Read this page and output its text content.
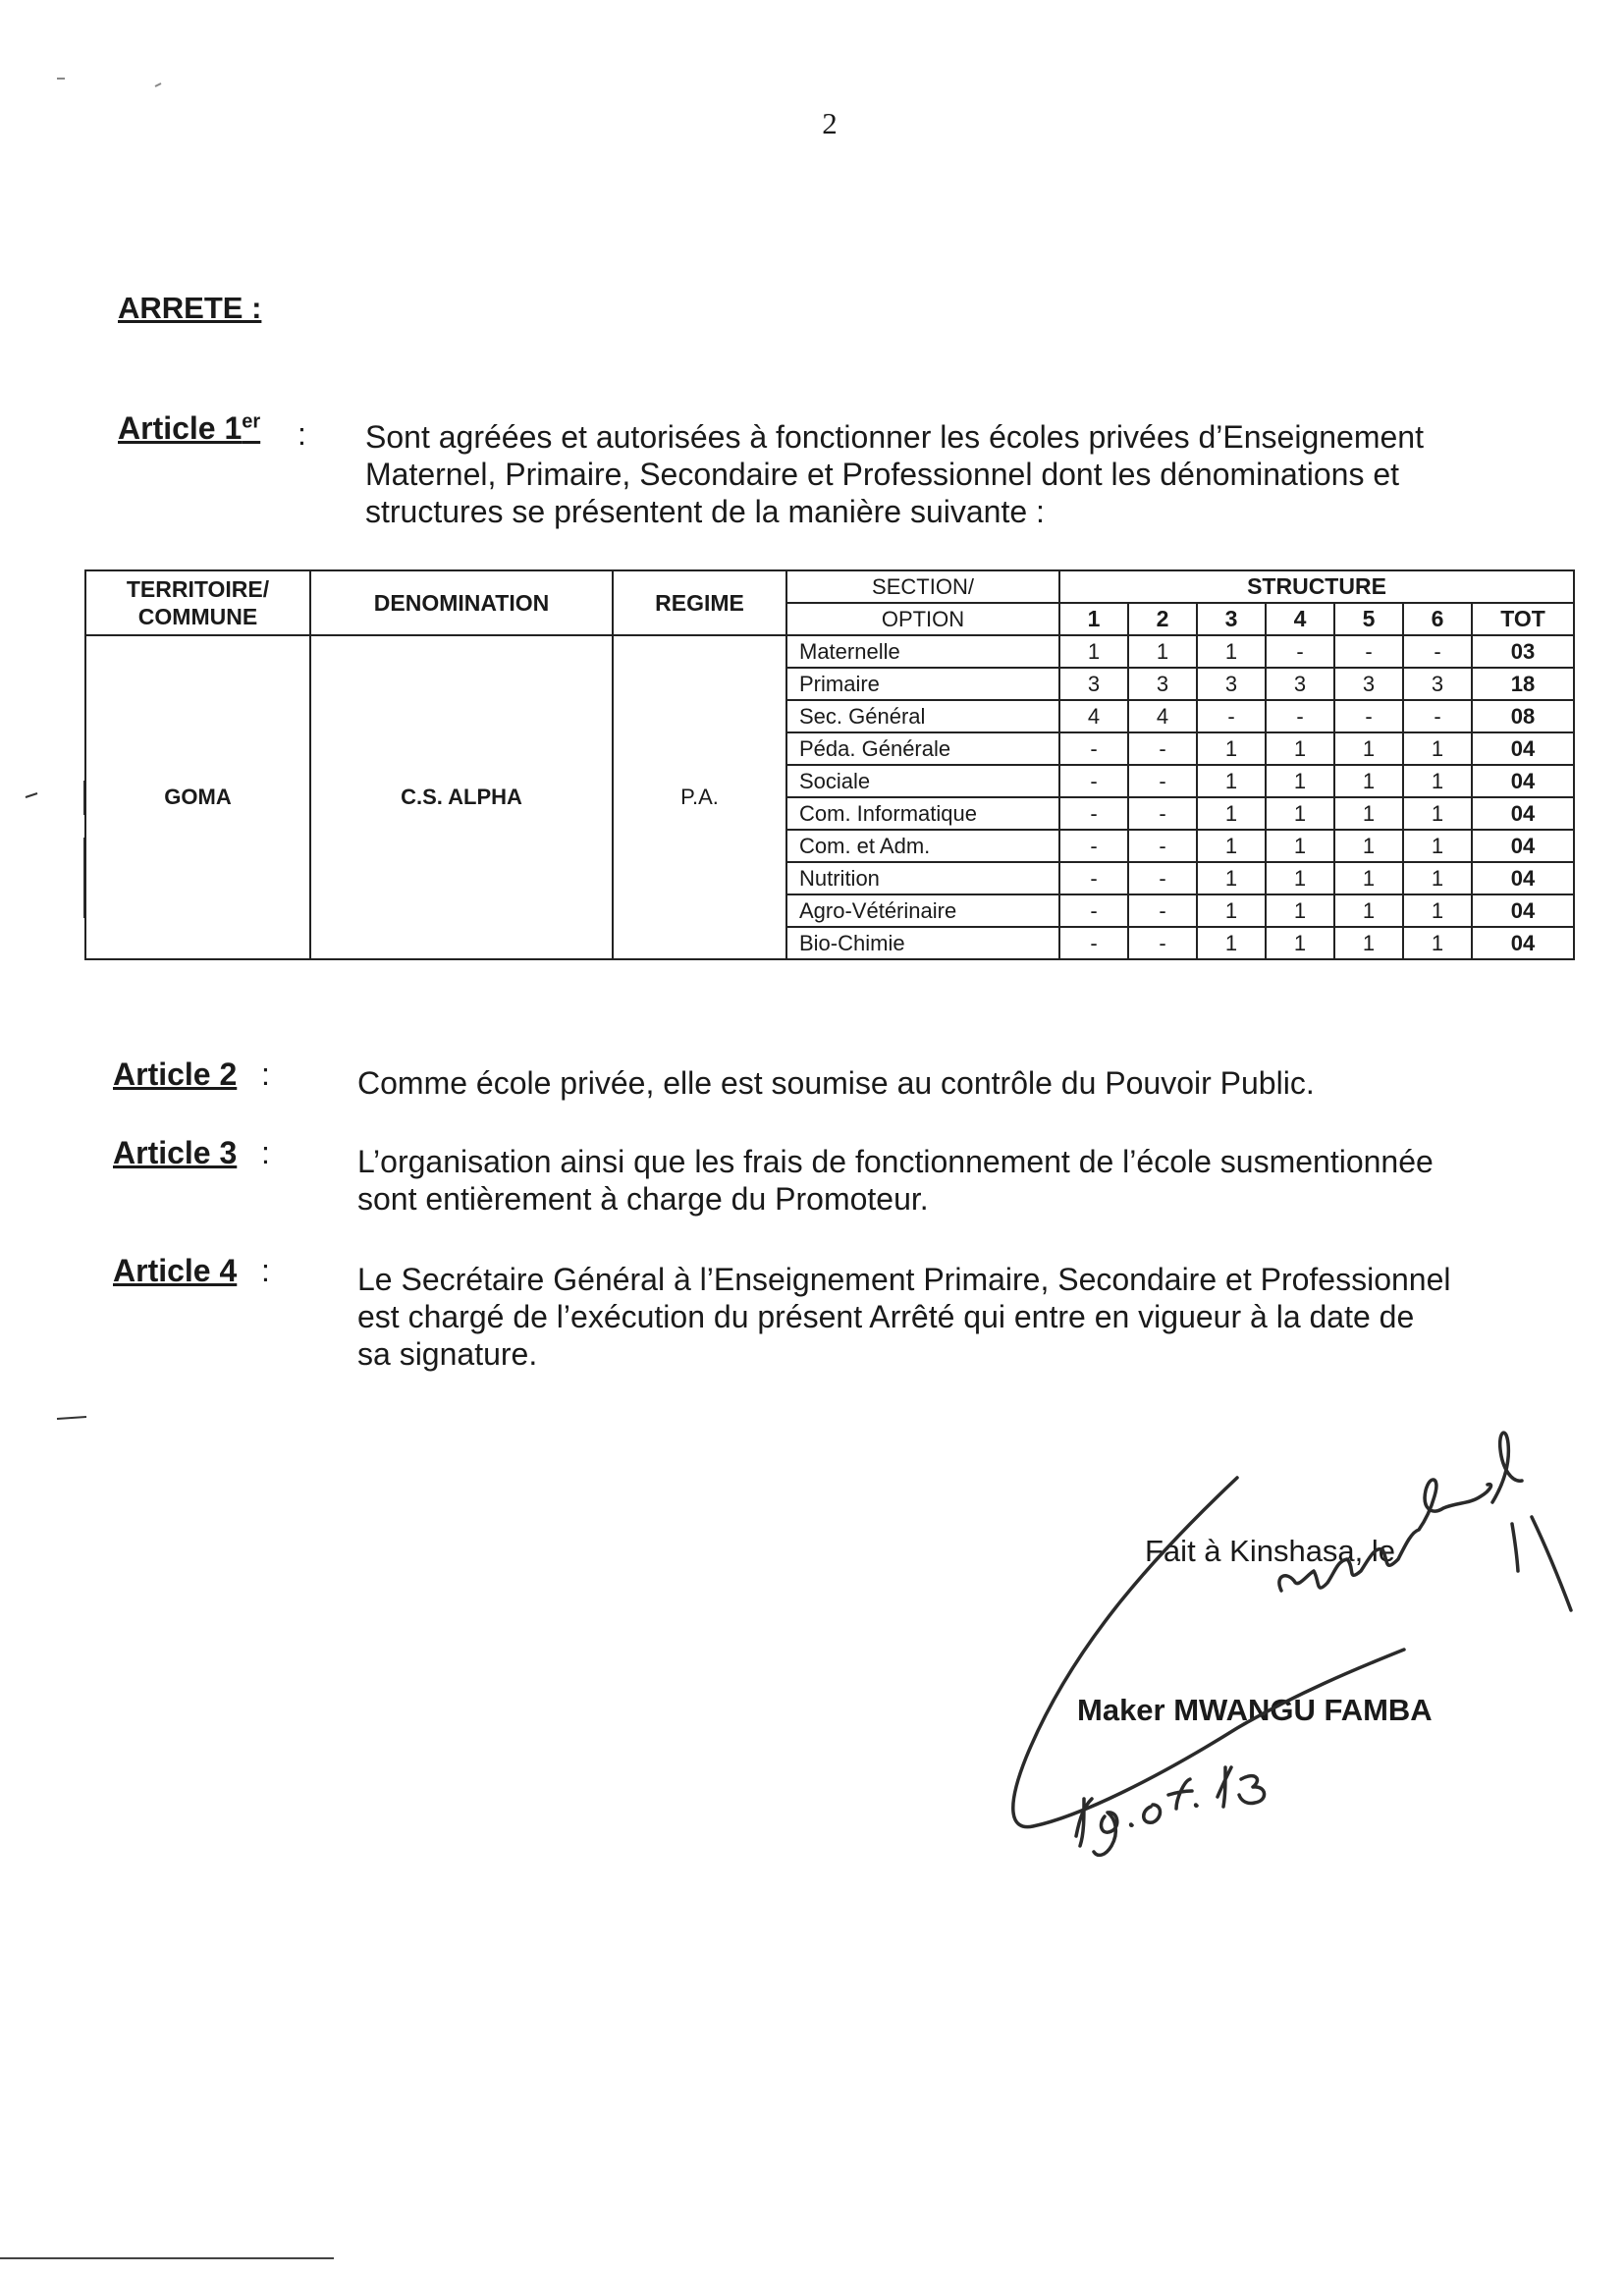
2
ARRETE :
Article 1er : Sont agréées et autorisées à fonctionner les écoles privées d’Enseignement
Maternel, Primaire, Secondaire et Professionnel dont les dénominations et
structures se présentent de la manière suivante :
TERRITOIRE/
COMMUNE	DENOMINATION	REGIME	SECTION/	STRUCTURE						
			OPTION	1	2	3	4	5	6	TOT
GOMA	C.S. ALPHA	P.A.	Maternelle	1	1	1	-	-	-	03
			Primaire	3	3	3	3	3	3	18
			Sec. Général	4	4	-	-	-	-	08
			Péda. Générale	-	-	1	1	1	1	04
			Sociale	-	-	1	1	1	1	04
			Com. Informatique	-	-	1	1	1	1	04
			Com. et Adm.	-	-	1	1	1	1	04
			Nutrition	-	-	1	1	1	1	04
			Agro-Vétérinaire	-	-	1	1	1	1	04
			Bio-Chimie	-	-	1	1	1	1	04
Article 2 :	Comme école privée, elle est soumise au contrôle du Pouvoir Public.
Article 3 :	L’organisation ainsi que les frais de fonctionnement de l’école susmentionnée
sont entièrement à charge du Promoteur.
Article 4 :	Le Secrétaire Général à l’Enseignement Primaire, Secondaire et Professionnel
est chargé de l’exécution du présent Arrêté qui entre en vigueur à la date de
sa signature.
Fait à Kinshasa, le
Maker MWANGU FAMBA
